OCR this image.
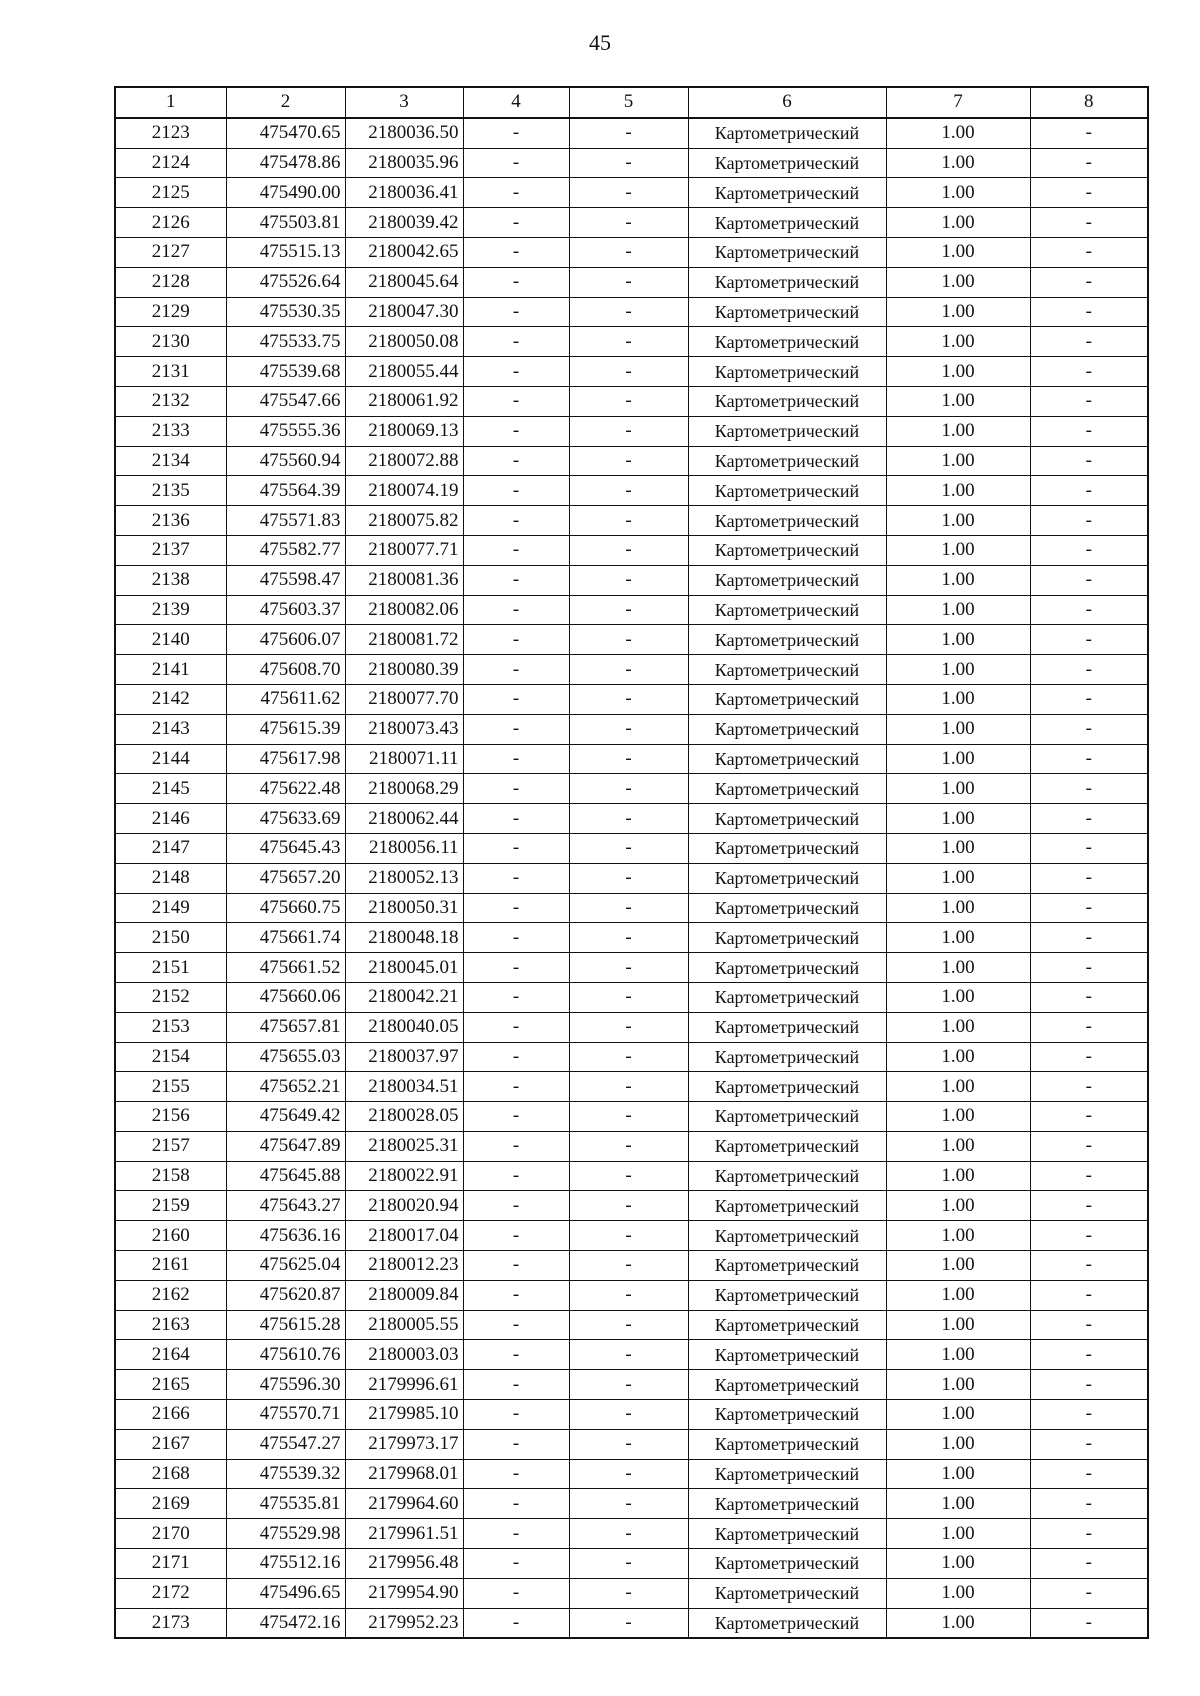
45
1	2	3	4	5	6	7	8
2123	475470.65	2180036.50	-	-	Картометрический	1.00	-
2124	475478.86	2180035.96	-	-	Картометрический	1.00	-
2125	475490.00	2180036.41	-	-	Картометрический	1.00	-
2126	475503.81	2180039.42	-	-	Картометрический	1.00	-
2127	475515.13	2180042.65	-	-	Картометрический	1.00	-
2128	475526.64	2180045.64	-	-	Картометрический	1.00	-
2129	475530.35	2180047.30	-	-	Картометрический	1.00	-
2130	475533.75	2180050.08	-	-	Картометрический	1.00	-
2131	475539.68	2180055.44	-	-	Картометрический	1.00	-
2132	475547.66	2180061.92	-	-	Картометрический	1.00	-
2133	475555.36	2180069.13	-	-	Картометрический	1.00	-
2134	475560.94	2180072.88	-	-	Картометрический	1.00	-
2135	475564.39	2180074.19	-	-	Картометрический	1.00	-
2136	475571.83	2180075.82	-	-	Картометрический	1.00	-
2137	475582.77	2180077.71	-	-	Картометрический	1.00	-
2138	475598.47	2180081.36	-	-	Картометрический	1.00	-
2139	475603.37	2180082.06	-	-	Картометрический	1.00	-
2140	475606.07	2180081.72	-	-	Картометрический	1.00	-
2141	475608.70	2180080.39	-	-	Картометрический	1.00	-
2142	475611.62	2180077.70	-	-	Картометрический	1.00	-
2143	475615.39	2180073.43	-	-	Картометрический	1.00	-
2144	475617.98	2180071.11	-	-	Картометрический	1.00	-
2145	475622.48	2180068.29	-	-	Картометрический	1.00	-
2146	475633.69	2180062.44	-	-	Картометрический	1.00	-
2147	475645.43	2180056.11	-	-	Картометрический	1.00	-
2148	475657.20	2180052.13	-	-	Картометрический	1.00	-
2149	475660.75	2180050.31	-	-	Картометрический	1.00	-
2150	475661.74	2180048.18	-	-	Картометрический	1.00	-
2151	475661.52	2180045.01	-	-	Картометрический	1.00	-
2152	475660.06	2180042.21	-	-	Картометрический	1.00	-
2153	475657.81	2180040.05	-	-	Картометрический	1.00	-
2154	475655.03	2180037.97	-	-	Картометрический	1.00	-
2155	475652.21	2180034.51	-	-	Картометрический	1.00	-
2156	475649.42	2180028.05	-	-	Картометрический	1.00	-
2157	475647.89	2180025.31	-	-	Картометрический	1.00	-
2158	475645.88	2180022.91	-	-	Картометрический	1.00	-
2159	475643.27	2180020.94	-	-	Картометрический	1.00	-
2160	475636.16	2180017.04	-	-	Картометрический	1.00	-
2161	475625.04	2180012.23	-	-	Картометрический	1.00	-
2162	475620.87	2180009.84	-	-	Картометрический	1.00	-
2163	475615.28	2180005.55	-	-	Картометрический	1.00	-
2164	475610.76	2180003.03	-	-	Картометрический	1.00	-
2165	475596.30	2179996.61	-	-	Картометрический	1.00	-
2166	475570.71	2179985.10	-	-	Картометрический	1.00	-
2167	475547.27	2179973.17	-	-	Картометрический	1.00	-
2168	475539.32	2179968.01	-	-	Картометрический	1.00	-
2169	475535.81	2179964.60	-	-	Картометрический	1.00	-
2170	475529.98	2179961.51	-	-	Картометрический	1.00	-
2171	475512.16	2179956.48	-	-	Картометрический	1.00	-
2172	475496.65	2179954.90	-	-	Картометрический	1.00	-
2173	475472.16	2179952.23	-	-	Картометрический	1.00	-
